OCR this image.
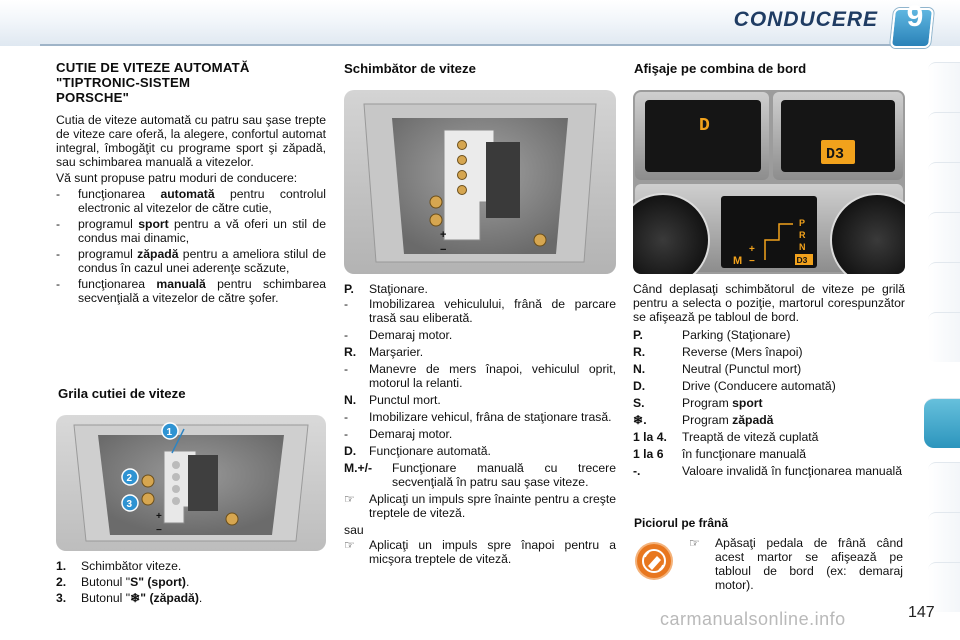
CONDUCERE 9
CUTIE DE VITEZE AUTOMATĂ
"TIPTRONIC-SISTEM
PORSCHE"
Cutia de viteze automată cu patru sau şase trepte de viteze care oferă, la alegere, confortul automat integral, îmbogăţit cu programe sport şi zăpadă, sau schimbarea manuală a vitezelor.
Vă sunt propuse patru moduri de conducere:
-	funcţionarea automată pentru controlul electronic al vitezelor de către cutie,
-	programul sport pentru a vă oferi un stil de condus mai dinamic,
-	programul zăpadă pentru a ameliora stilul de condus în cazul unei aderenţe scăzute,
-	funcţionarea manuală pentru schimbarea secvenţială a vitezelor de către şofer.
Grila cutiei de viteze
+
−
1
2
3
1.	Schimbător viteze.
2.	Butonul "S" (sport).
3.	Butonul "❄" (zăpadă).
Schimbător de viteze
+
−
P.	Staţionare.
-	Imobilizarea vehiculului, frână de parcare trasă sau eliberată.
-	Demaraj motor.
R.	Marşarier.
-	Manevre de mers înapoi, vehiculul oprit, motorul la relanti.
N.	Punctul mort.
-	Imobilizare vehicul, frâna de staţionare trasă.
-	Demaraj motor.
D.	Funcţionare automată.
M.+/-	Funcţionare manuală cu trecere secvenţială în patru sau şase viteze.
☞	Aplicaţi un impuls spre înainte pentru a creşte treptele de viteză.
sau
☞	Aplicaţi un impuls spre înapoi pentru a micşora treptele de viteză.
Afişaje pe combina de bord
D
D3
M
+
−
P
R
N
D3
Când deplasaţi schimbătorul de viteze pe grilă pentru a selecta o poziţie, martorul corespunzător se afişează pe tabloul de bord.
P.	Parking (Staţionare)
R.	Reverse (Mers înapoi)
N.	Neutral (Punctul mort)
D.	Drive (Conducere automată)
S.	Program sport
❄.	Program zăpadă
1 la 4.	Treaptă de viteză cuplată
1 la 6	în funcţionare manuală
-.	Valoare invalidă în funcţionarea manuală
Piciorul pe frână
☞	Apăsaţi pedala de frână când acest martor se afişează pe tabloul de bord (ex: demaraj motor).
carmanualsonline.info	147
